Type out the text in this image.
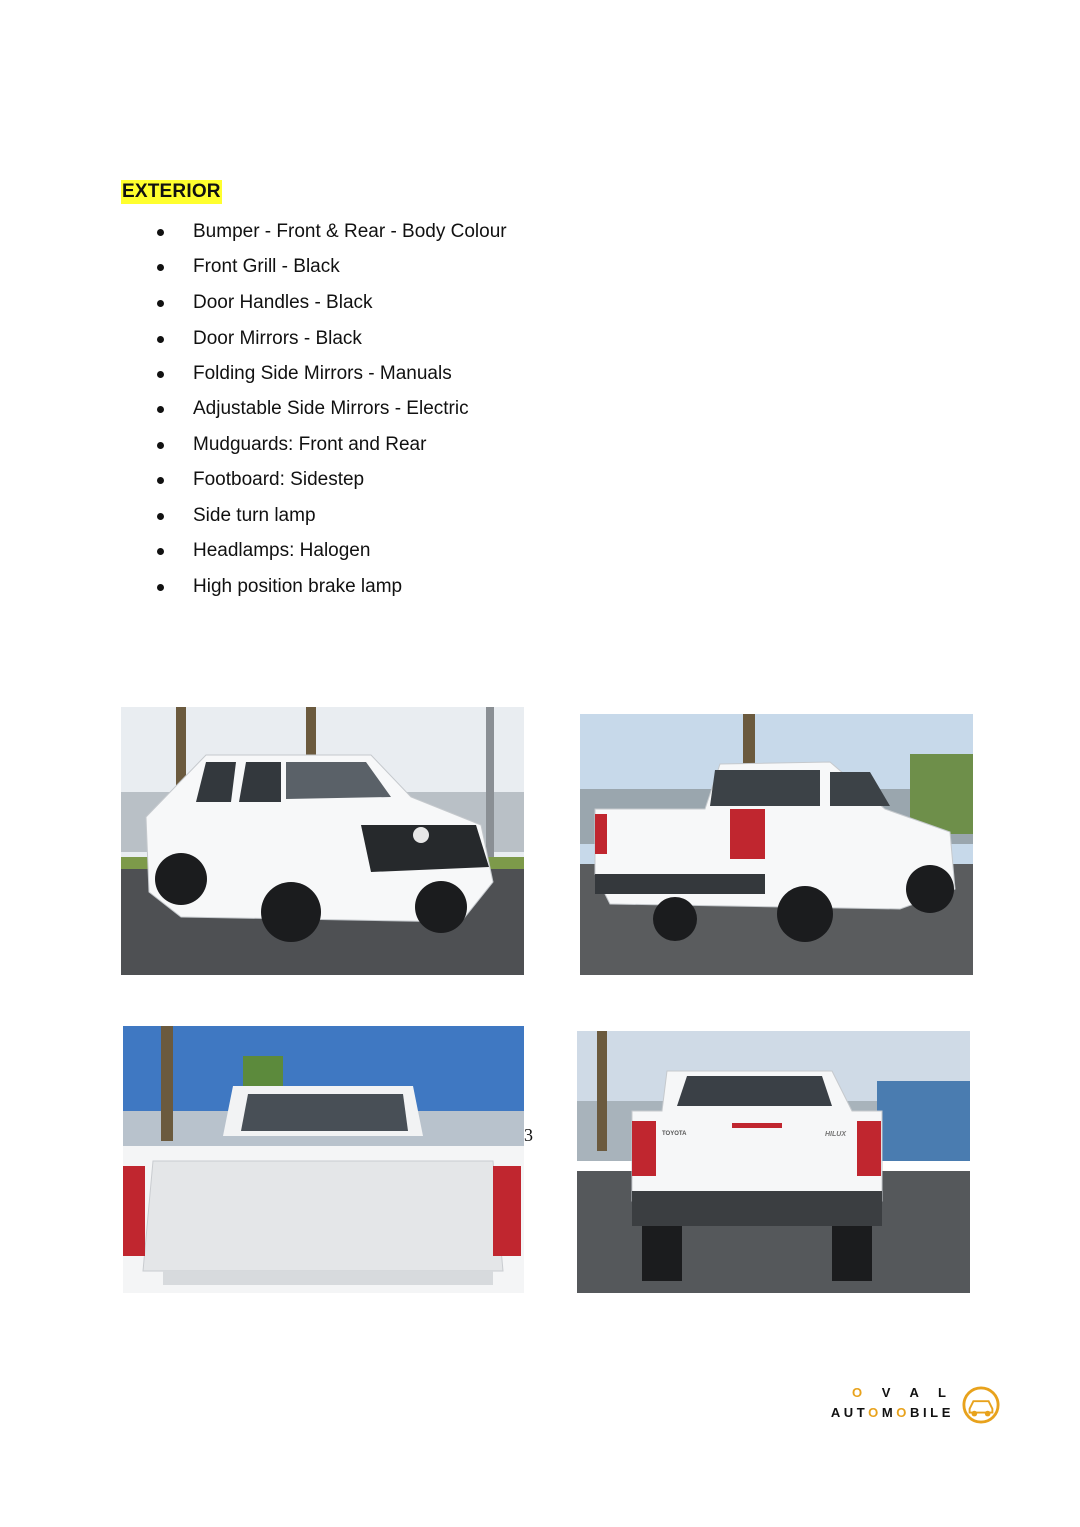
EXTERIOR
Bumper - Front & Rear - Body Colour
Front Grill - Black
Door Handles - Black
Door Mirrors - Black
Folding Side Mirrors - Manuals
Adjustable Side Mirrors - Electric
Mudguards: Front and Rear
Footboard: Sidestep
Side turn lamp
Headlamps: Halogen
High position brake lamp
3	TOYOTA	HILUX
O V A L
AUTOMOBILE
